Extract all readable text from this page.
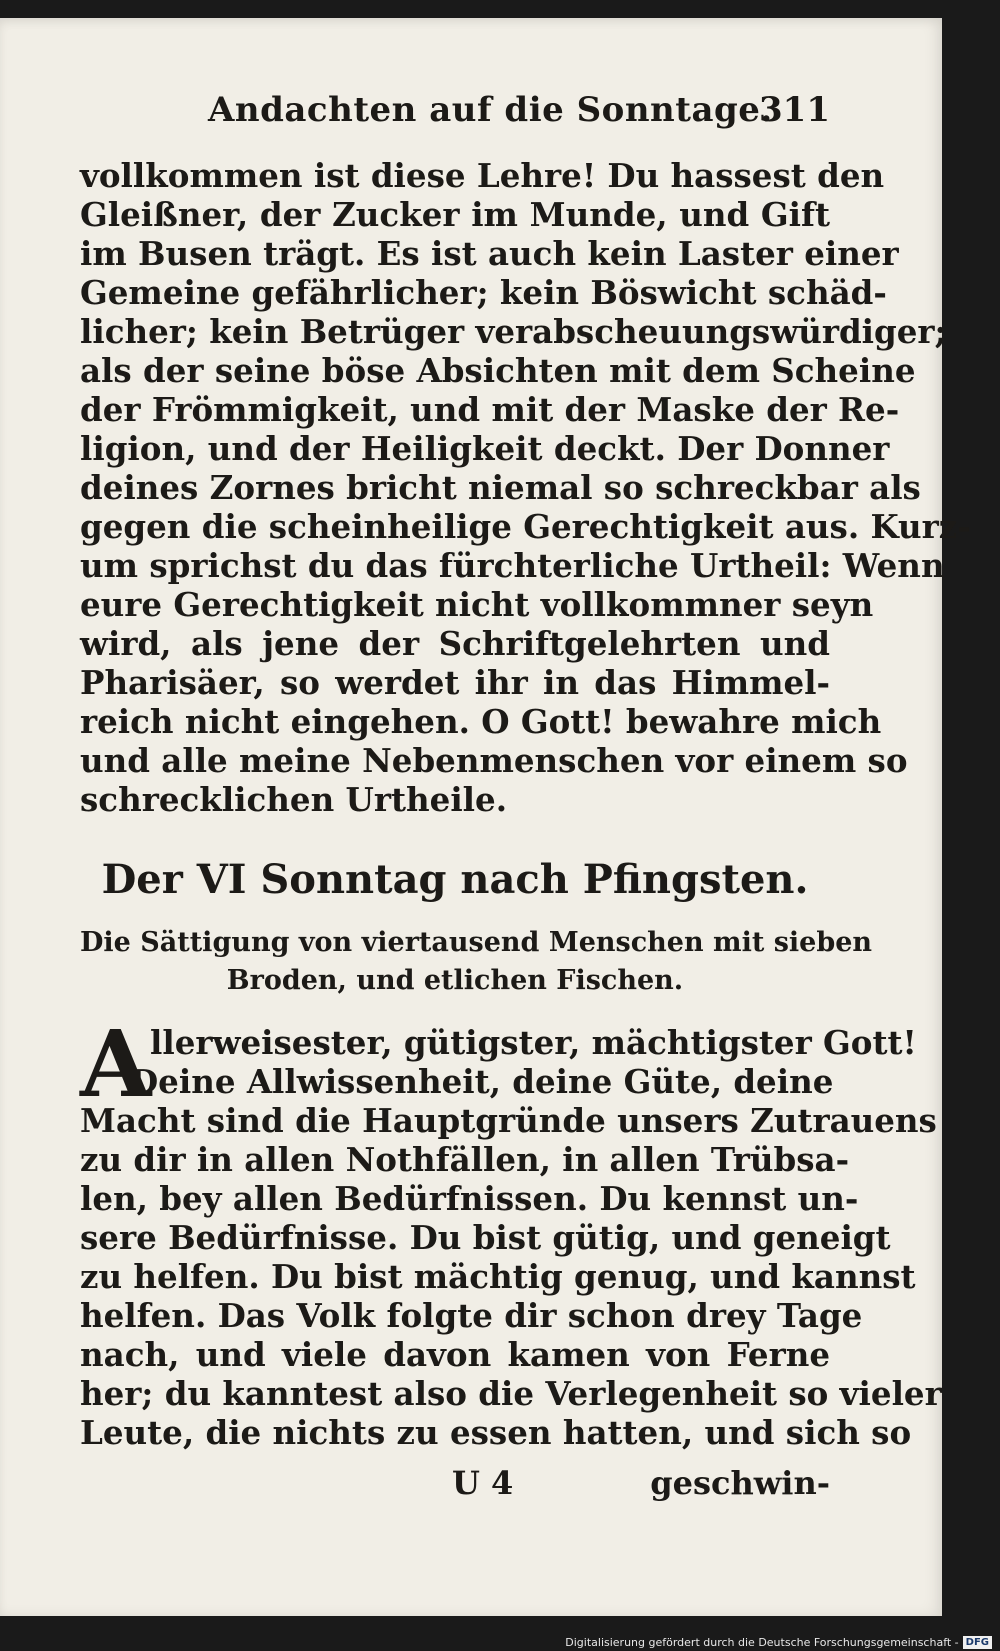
Andachten auf die Sonntage.
311
vollkommen ist diese Lehre! Du hassest den
Gleißner, der Zucker im Munde, und Gift
im Busen trägt. Es ist auch kein Laster einer
Gemeine gefährlicher; kein Böswicht schäd-
licher; kein Betrüger verabscheuungswürdiger;
als der seine böse Absichten mit dem Scheine
der Frömmigkeit, und mit der Maske der Re-
ligion, und der Heiligkeit deckt. Der Donner
deines Zornes bricht niemal so schreckbar als
gegen die scheinheilige Gerechtigkeit aus. Kurz-
um sprichst du das fürchterliche Urtheil: Wenn
eure Gerechtigkeit nicht vollkommner seyn
wird, als jene der Schriftgelehrten und
Pharisäer, so werdet ihr in das Himmel-
reich nicht eingehen. O Gott! bewahre mich
und alle meine Nebenmenschen vor einem so
schrecklichen Urtheile.
Der VI Sonntag nach Pfingsten.
Die Sättigung von viertausend Menschen mit sieben
Broden, und etlichen Fischen.
A
llerweisester, gütigster, mächtigster Gott!
Deine Allwissenheit, deine Güte, deine
Macht sind die Hauptgründe unsers Zutrauens
zu dir in allen Nothfällen, in allen Trübsa-
len, bey allen Bedürfnissen. Du kennst un-
sere Bedürfnisse. Du bist gütig, und geneigt
zu helfen. Du bist mächtig genug, und kannst
helfen. Das Volk folgte dir schon drey Tage
nach, und viele davon kamen von Ferne
her; du kanntest also die Verlegenheit so vieler
Leute, die nichts zu essen hatten, und sich so
U 4	geschwin-
Digitalisierung gefördert durch die Deutsche Forschungsgemeinschaft - DFG
